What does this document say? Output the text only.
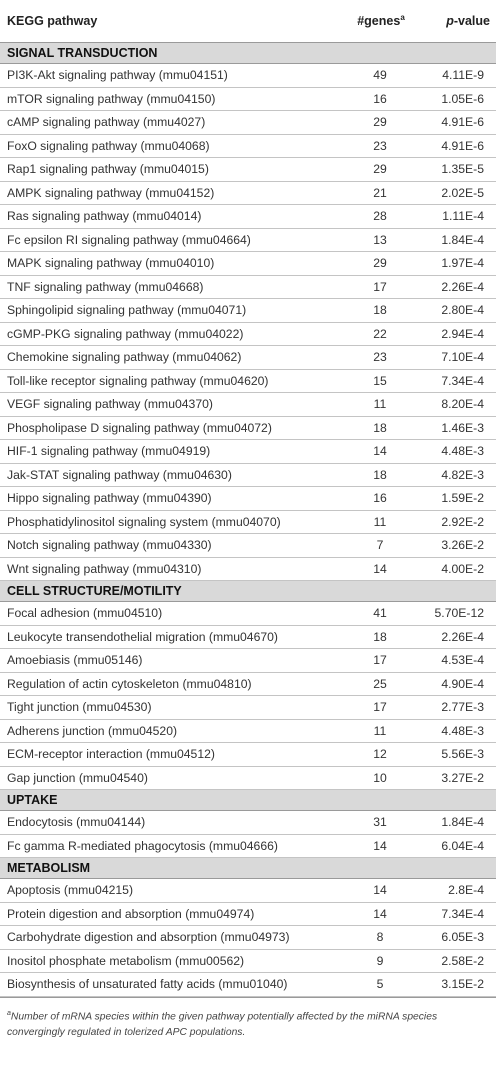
KEGG pathway	#genes$^a$	p-value
SIGNAL TRANSDUCTION
PI3K-Akt signaling pathway (mmu04151)	49	4.11E-9
mTOR signaling pathway (mmu04150)	16	1.05E-6
cAMP signaling pathway (mmu4027)	29	4.91E-6
FoxO signaling pathway (mmu04068)	23	4.91E-6
Rap1 signaling pathway (mmu04015)	29	1.35E-5
AMPK signaling pathway (mmu04152)	21	2.02E-5
Ras signaling pathway (mmu04014)	28	1.11E-4
Fc epsilon RI signaling pathway (mmu04664)	13	1.84E-4
MAPK signaling pathway (mmu04010)	29	1.97E-4
TNF signaling pathway (mmu04668)	17	2.26E-4
Sphingolipid signaling pathway (mmu04071)	18	2.80E-4
cGMP-PKG signaling pathway (mmu04022)	22	2.94E-4
Chemokine signaling pathway (mmu04062)	23	7.10E-4
Toll-like receptor signaling pathway (mmu04620)	15	7.34E-4
VEGF signaling pathway (mmu04370)	11	8.20E-4
Phospholipase D signaling pathway (mmu04072)	18	1.46E-3
HIF-1 signaling pathway (mmu04919)	14	4.48E-3
Jak-STAT signaling pathway (mmu04630)	18	4.82E-3
Hippo signaling pathway (mmu04390)	16	1.59E-2
Phosphatidylinositol signaling system (mmu04070)	11	2.92E-2
Notch signaling pathway (mmu04330)	7	3.26E-2
Wnt signaling pathway (mmu04310)	14	4.00E-2
CELL STRUCTURE/MOTILITY
Focal adhesion (mmu04510)	41	5.70E-12
Leukocyte transendothelial migration (mmu04670)	18	2.26E-4
Amoebiasis (mmu05146)	17	4.53E-4
Regulation of actin cytoskeleton (mmu04810)	25	4.90E-4
Tight junction (mmu04530)	17	2.77E-3
Adherens junction (mmu04520)	11	4.48E-3
ECM-receptor interaction (mmu04512)	12	5.56E-3
Gap junction (mmu04540)	10	3.27E-2
UPTAKE
Endocytosis (mmu04144)	31	1.84E-4
Fc gamma R-mediated phagocytosis (mmu04666)	14	6.04E-4
METABOLISM
Apoptosis (mmu04215)	14	2.8E-4
Protein digestion and absorption (mmu04974)	14	7.34E-4
Carbohydrate digestion and absorption (mmu04973)	8	6.05E-3
Inositol phosphate metabolism (mmu00562)	9	2.58E-2
Biosynthesis of unsaturated fatty acids (mmu01040)	5	3.15E-2
$^a$Number of mRNA species within the given pathway potentially affected by the miRNA species convergingly regulated in tolerized APC populations.
